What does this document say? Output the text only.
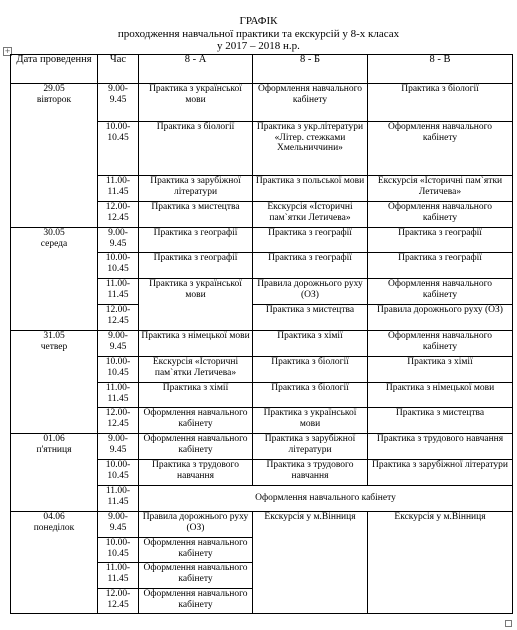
ГРАФІК
проходження навчальної практики та екскурсій у 8-х класах
у 2017 – 2018 н.р.
+
Дата проведення	Час	8 - А	8 - Б	8 - В
29.05
вівторок	9.00-9.45	Практика з української мови	Оформлення навчального кабінету	Практика з біології
	10.00-10.45	Практика з біології	Практика з укр.літератури «Літер. стежками Хмельниччини»	Оформлення навчального кабінету
	11.00-11.45	Практика з зарубіжної літератури	Практика з польської мови	Екскурсія «Історичні пам`ятки Летичева»
	12.00-12.45	Практика з мистецтва	Екскурсія «Історичні пам`ятки Летичева»	Оформлення навчального кабінету
30.05
середа	9.00-9.45	Практика з географії	Практика з географії	Практика з географії
	10.00-10.45	Практика з географії	Практика з географії	Практика з географії
	11.00-11.45	Практика з української мови	Правила дорожнього руху (ОЗ)	Оформлення навчального кабінету
	12.00-12.45		Практика з мистецтва	Правила дорожнього руху (ОЗ)
31.05
четвер	9.00-9.45	Практика з німецької мови	Практика з хімії	Оформлення навчального кабінету
	10.00-10.45	Екскурсія «Історичні пам`ятки Летичева»	Практика з біології	Практика з хімії
	11.00-11.45	Практика з хімії	Практика з біології	Практика з німецької мови
	12.00-12.45	Оформлення навчального кабінету	Практика з української мови	Практика з мистецтва
01.06
п'ятниця	9.00-9.45	Оформлення навчального кабінету	Практика з зарубіжної літератури	Практика з трудового навчання
	10.00-10.45	Практика з трудового навчання	Практика з трудового навчання	Практика з зарубіжної літератури
	11.00-11.45	Оформлення навчального кабінету		
04.06
понеділок	9.00-9.45	Правила дорожнього руху (ОЗ)	Екскурсія у м.Вінниця	Екскурсія у м.Вінниця
	10.00-10.45	Оформлення навчального кабінету		
	11.00-11.45	Оформлення навчального кабінету		
	12.00-12.45	Оформлення навчального кабінету		
